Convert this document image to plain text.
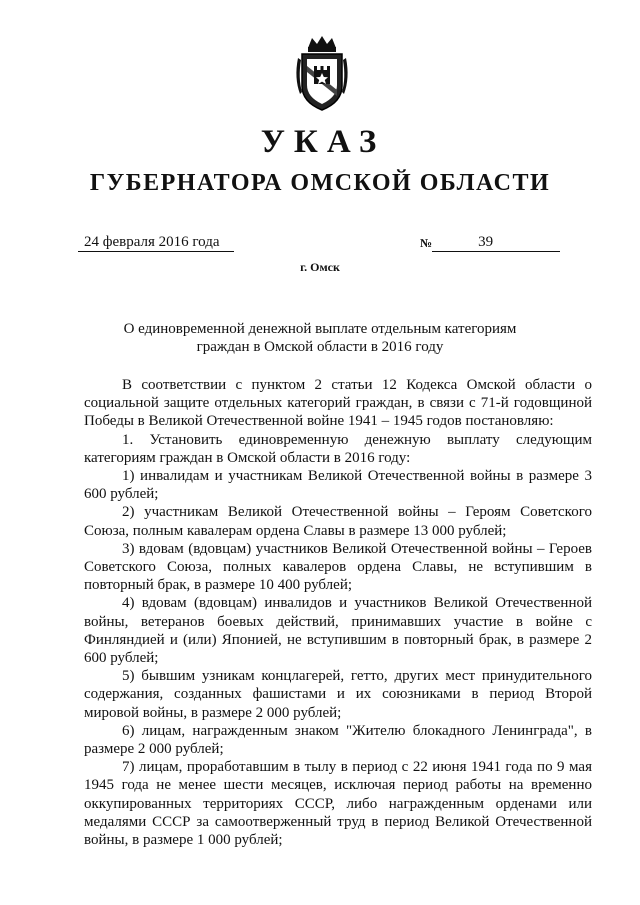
УКАЗ
ГУБЕРНАТОРА ОМСКОЙ ОБЛАСТИ
24 февраля 2016 года	№	39
г. Омск
О единовременной денежной выплате отдельным категориям граждан в Омской области в 2016 году

В соответствии с пунктом 2 статьи 12 Кодекса Омской области о социальной защите отдельных категорий граждан, в связи с 71-й годовщиной Победы в Великой Отечественной войне 1941 – 1945 годов постановляю:

1. Установить единовременную денежную выплату следующим категориям граждан в Омской области в 2016 году:

1) инвалидам и участникам Великой Отечественной войны в размере 3 600 рублей;

2) участникам Великой Отечественной войны – Героям Советского Союза, полным кавалерам ордена Славы в размере 13 000 рублей;

3) вдовам (вдовцам) участников Великой Отечественной войны – Героев Советского Союза, полных кавалеров ордена Славы, не вступившим в повторный брак, в размере 10 400 рублей;

4) вдовам (вдовцам) инвалидов и участников Великой Отечественной войны, ветеранов боевых действий, принимавших участие в войне с Финляндией и (или) Японией, не вступившим в повторный брак, в размере 2 600 рублей;

5) бывшим узникам концлагерей, гетто, других мест принудительного содержания, созданных фашистами и их союзниками в период Второй мировой войны, в размере 2 000 рублей;

6) лицам, награжденным знаком "Жителю блокадного Ленинграда", в размере 2 000 рублей;

7) лицам, проработавшим в тылу в период с 22 июня 1941 года по 9 мая 1945 года не менее шести месяцев, исключая период работы на временно оккупированных территориях СССР, либо награжденным орденами или медалями СССР за самоотверженный труд в период Великой Отечественной войны, в размере 1 000 рублей;
